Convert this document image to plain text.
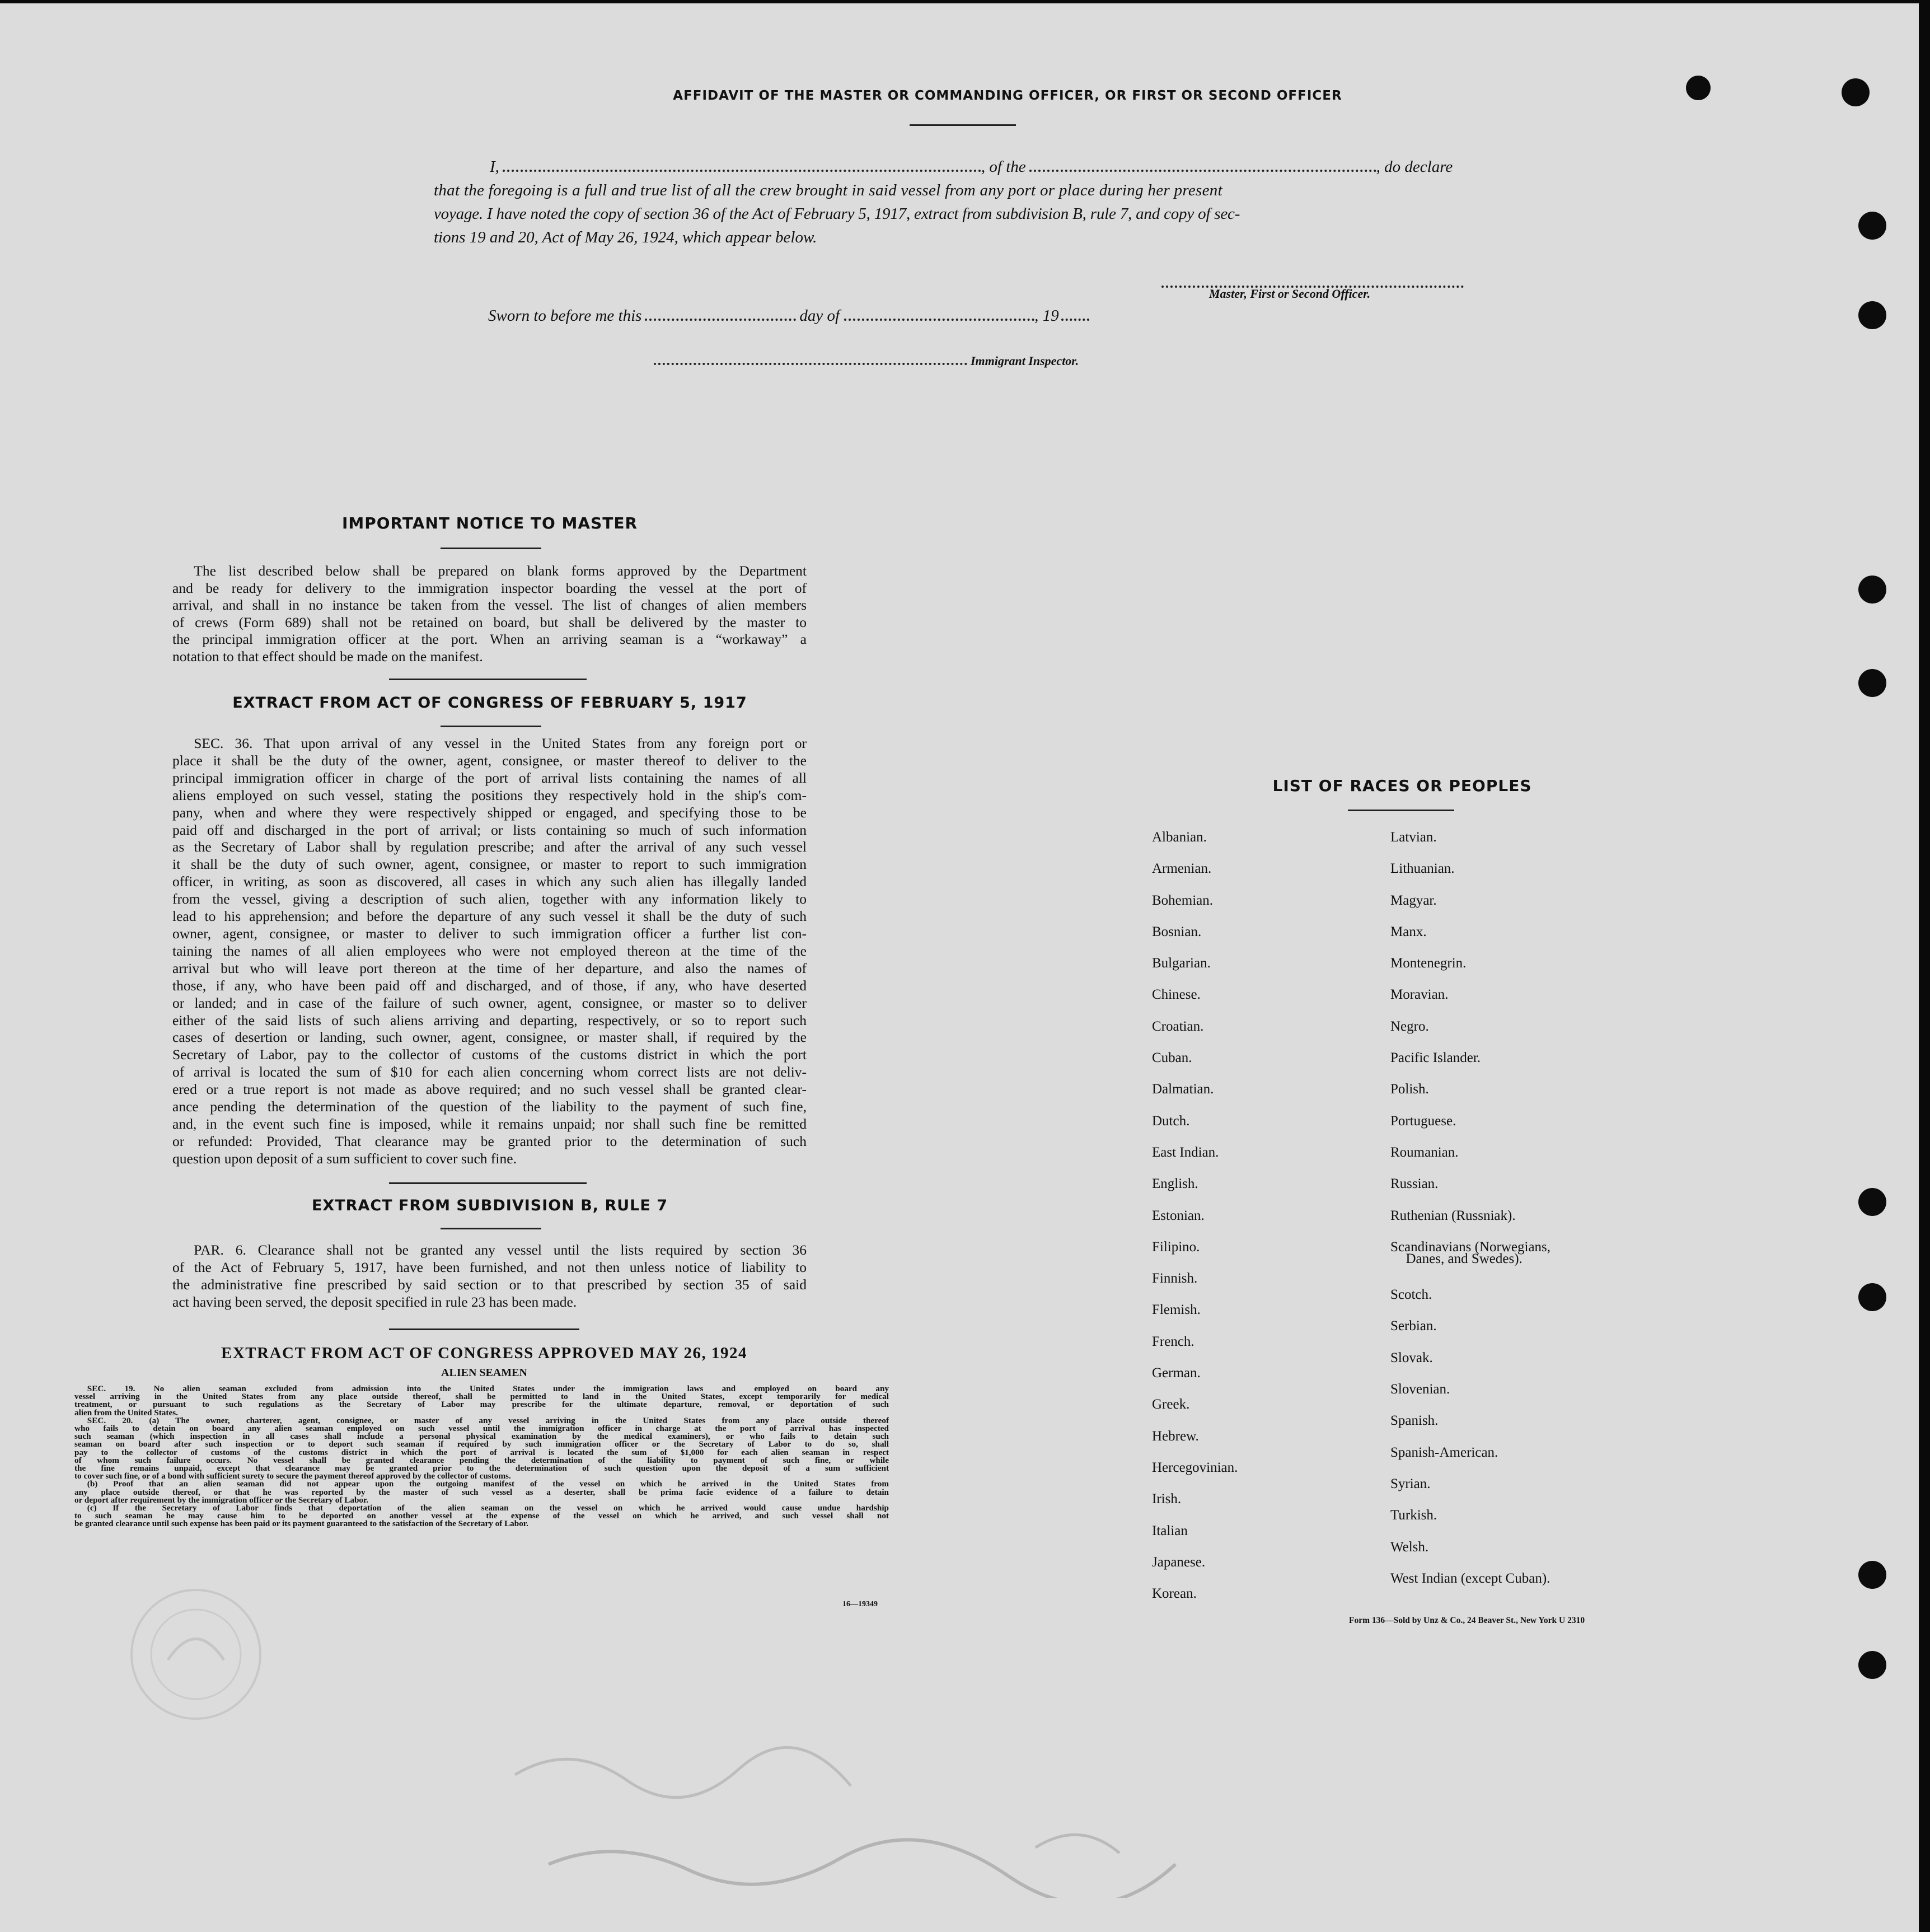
AFFIDAVIT OF THE MASTER OR COMMANDING OFFICER, OR FIRST OR SECOND OFFICER
I,	, of the	, do declare
that the foregoing is a full and true list of all the crew brought in said vessel from any port or place during her present
voyage. I have noted the copy of section 36 of the Act of February 5, 1917, extract from subdivision B, rule 7, and copy of sec-
tions 19 and 20, Act of May 26, 1924, which appear below.
Master, First or Second Officer.
Sworn to before me this	day of	, 19
Immigrant Inspector.
IMPORTANT NOTICE TO MASTER
The list described below shall be prepared on blank forms approved by the Department
and be ready for delivery to the immigration inspector boarding the vessel at the port of
arrival, and shall in no instance be taken from the vessel. The list of changes of alien members
of crews (Form 689) shall not be retained on board, but shall be delivered by the master to
the principal immigration officer at the port. When an arriving seaman is a “workaway” a
notation to that effect should be made on the manifest.
EXTRACT FROM ACT OF CONGRESS OF FEBRUARY 5, 1917
SEC. 36. That upon arrival of any vessel in the United States from any foreign port or
place it shall be the duty of the owner, agent, consignee, or master thereof to deliver to the
principal immigration officer in charge of the port of arrival lists containing the names of all
aliens employed on such vessel, stating the positions they respectively hold in the ship's com-
pany, when and where they were respectively shipped or engaged, and specifying those to be
paid off and discharged in the port of arrival; or lists containing so much of such information
as the Secretary of Labor shall by regulation prescribe; and after the arrival of any such vessel
it shall be the duty of such owner, agent, consignee, or master to report to such immigration
officer, in writing, as soon as discovered, all cases in which any such alien has illegally landed
from the vessel, giving a description of such alien, together with any information likely to
lead to his apprehension; and before the departure of any such vessel it shall be the duty of such
owner, agent, consignee, or master to deliver to such immigration officer a further list con-
taining the names of all alien employees who were not employed thereon at the time of the
arrival but who will leave port thereon at the time of her departure, and also the names of
those, if any, who have been paid off and discharged, and of those, if any, who have deserted
or landed; and in case of the failure of such owner, agent, consignee, or master so to deliver
either of the said lists of such aliens arriving and departing, respectively, or so to report such
cases of desertion or landing, such owner, agent, consignee, or master shall, if required by the
Secretary of Labor, pay to the collector of customs of the customs district in which the port
of arrival is located the sum of $10 for each alien concerning whom correct lists are not deliv-
ered or a true report is not made as above required; and no such vessel shall be granted clear-
ance pending the determination of the question of the liability to the payment of such fine,
and, in the event such fine is imposed, while it remains unpaid; nor shall such fine be remitted
or refunded: Provided, That clearance may be granted prior to the determination of such
question upon deposit of a sum sufficient to cover such fine.
EXTRACT FROM SUBDIVISION B, RULE 7
PAR. 6. Clearance shall not be granted any vessel until the lists required by section 36
of the Act of February 5, 1917, have been furnished, and not then unless notice of liability to
the administrative fine prescribed by said section or to that prescribed by section 35 of said
act having been served, the deposit specified in rule 23 has been made.
EXTRACT FROM ACT OF CONGRESS APPROVED MAY 26, 1924
ALIEN SEAMEN
SEC. 19. No alien seaman excluded from admission into the United States under the immigration laws and employed on board any
vessel arriving in the United States from any place outside thereof, shall be permitted to land in the United States, except temporarily for medical
treatment, or pursuant to such regulations as the Secretary of Labor may prescribe for the ultimate departure, removal, or deportation of such
alien from the United States.
SEC. 20. (a) The owner, charterer, agent, consignee, or master of any vessel arriving in the United States from any place outside thereof
who fails to detain on board any alien seaman employed on such vessel until the immigration officer in charge at the port of arrival has inspected
such seaman (which inspection in all cases shall include a personal physical examination by the medical examiners), or who fails to detain such
seaman on board after such inspection or to deport such seaman if required by such immigration officer or the Secretary of Labor to do so, shall
pay to the collector of customs of the customs district in which the port of arrival is located the sum of $1,000 for each alien seaman in respect
of whom such failure occurs. No vessel shall be granted clearance pending the determination of the liability to payment of such fine, or while
the fine remains unpaid, except that clearance may be granted prior to the determination of such question upon the deposit of a sum sufficient
to cover such fine, or of a bond with sufficient surety to secure the payment thereof approved by the collector of customs.
(b) Proof that an alien seaman did not appear upon the outgoing manifest of the vessel on which he arrived in the United States from
any place outside thereof, or that he was reported by the master of such vessel as a deserter, shall be prima facie evidence of a failure to detain
or deport after requirement by the immigration officer or the Secretary of Labor.
(c) If the Secretary of Labor finds that deportation of the alien seaman on the vessel on which he arrived would cause undue hardship
to such seaman he may cause him to be deported on another vessel at the expense of the vessel on which he arrived, and such vessel shall not
be granted clearance until such expense has been paid or its payment guaranteed to the satisfaction of the Secretary of Labor.
16—19349
LIST OF RACES OR PEOPLES
Albanian.
Armenian.
Bohemian.
Bosnian.
Bulgarian.
Chinese.
Croatian.
Cuban.
Dalmatian.
Dutch.
East Indian.
English.
Estonian.
Filipino.
Finnish.
Flemish.
French.
German.
Greek.
Hebrew.
Hercegovinian.
Irish.
Italian
Japanese.
Korean.
Latvian.
Lithuanian.
Magyar.
Manx.
Montenegrin.
Moravian.
Negro.
Pacific Islander.
Polish.
Portuguese.
Roumanian.
Russian.
Ruthenian (Russniak).
Scandinavians (Norwegians,
Danes, and Swedes).
Scotch.
Serbian.
Slovak.
Slovenian.
Spanish.
Spanish-American.
Syrian.
Turkish.
Welsh.
West Indian (except Cuban).
Form 136—Sold by Unz & Co., 24 Beaver St., New York U 2310
